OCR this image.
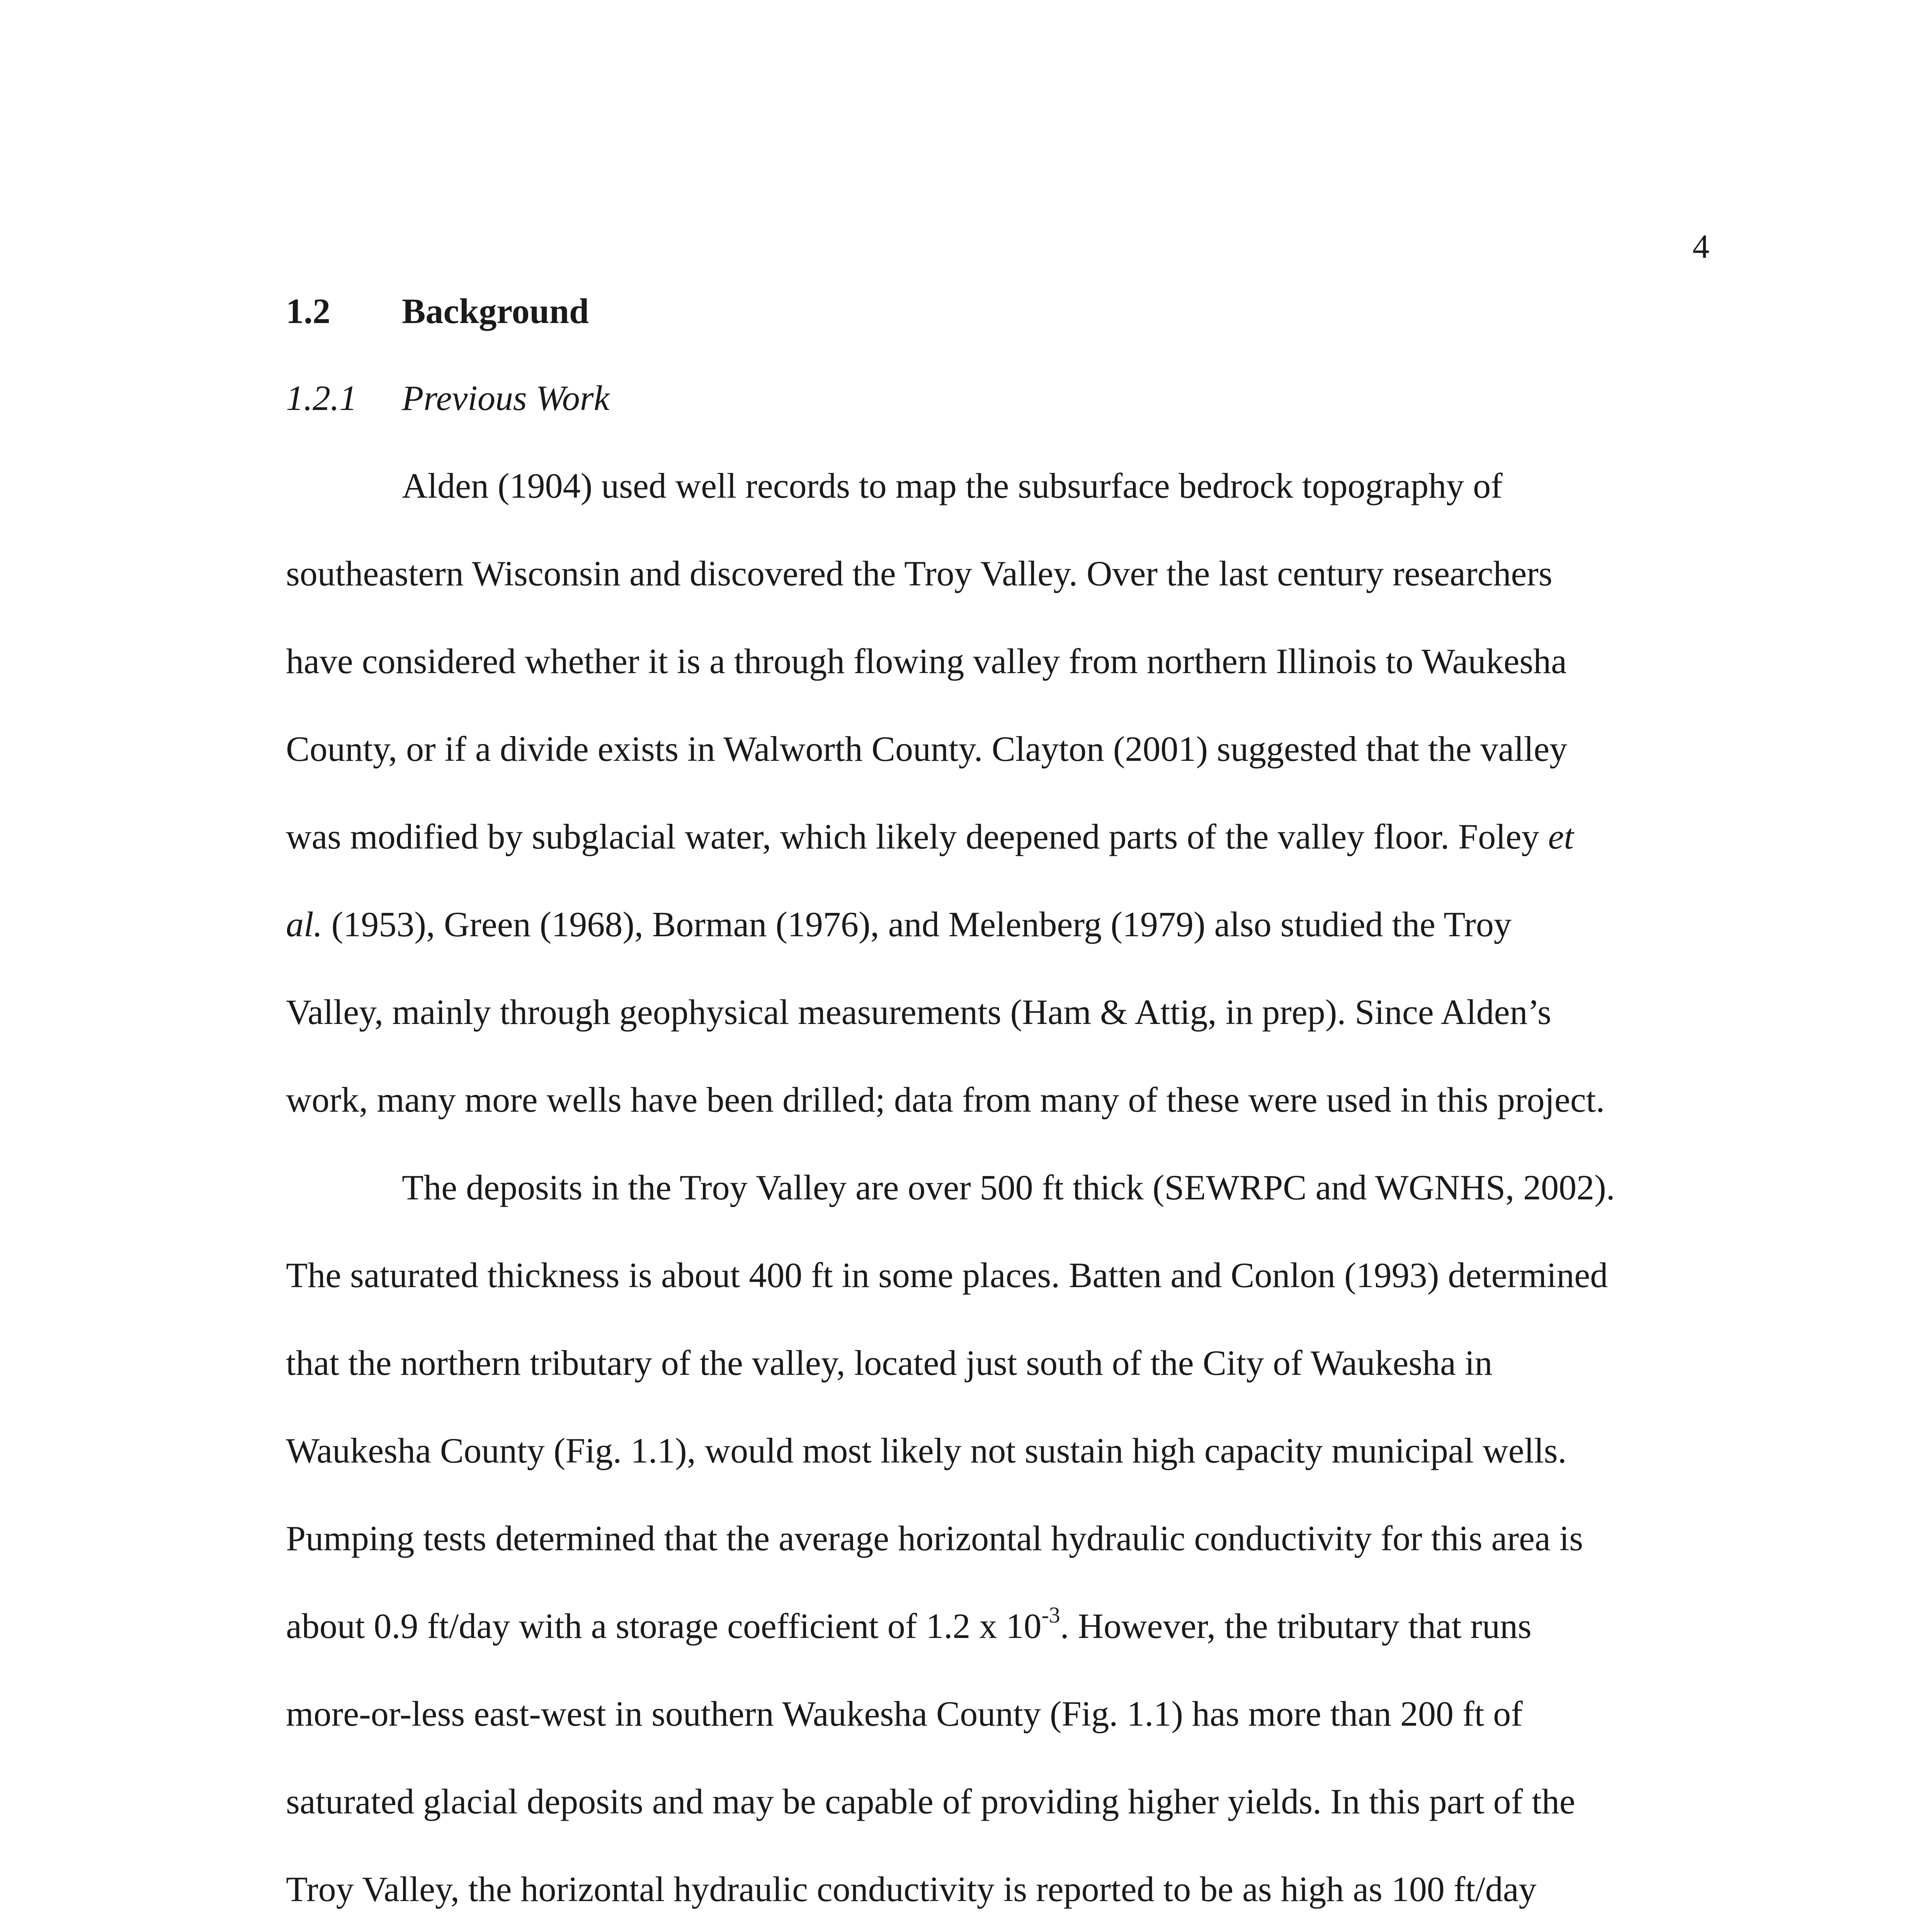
4
1.2 Background
1.2.1 Previous Work
Alden (1904) used well records to map the subsurface bedrock topography of
southeastern Wisconsin and discovered the Troy Valley. Over the last century researchers
have considered whether it is a through flowing valley from northern Illinois to Waukesha
County, or if a divide exists in Walworth County. Clayton (2001) suggested that the valley
was modified by subglacial water, which likely deepened parts of the valley floor. Foley et
al. (1953), Green (1968), Borman (1976), and Melenberg (1979) also studied the Troy
Valley, mainly through geophysical measurements (Ham & Attig, in prep). Since Alden’s
work, many more wells have been drilled; data from many of these were used in this project.
The deposits in the Troy Valley are over 500 ft thick (SEWRPC and WGNHS, 2002).
The saturated thickness is about 400 ft in some places. Batten and Conlon (1993) determined
that the northern tributary of the valley, located just south of the City of Waukesha in
Waukesha County (Fig. 1.1), would most likely not sustain high capacity municipal wells.
Pumping tests determined that the average horizontal hydraulic conductivity for this area is
about 0.9 ft/day with a storage coefficient of 1.2 x $10^{-3}$. However, the tributary that runs
more-or-less east-west in southern Waukesha County (Fig. 1.1) has more than 200 ft of
saturated glacial deposits and may be capable of providing higher yields. In this part of the
Troy Valley, the horizontal hydraulic conductivity is reported to be as high as 100 ft/day
